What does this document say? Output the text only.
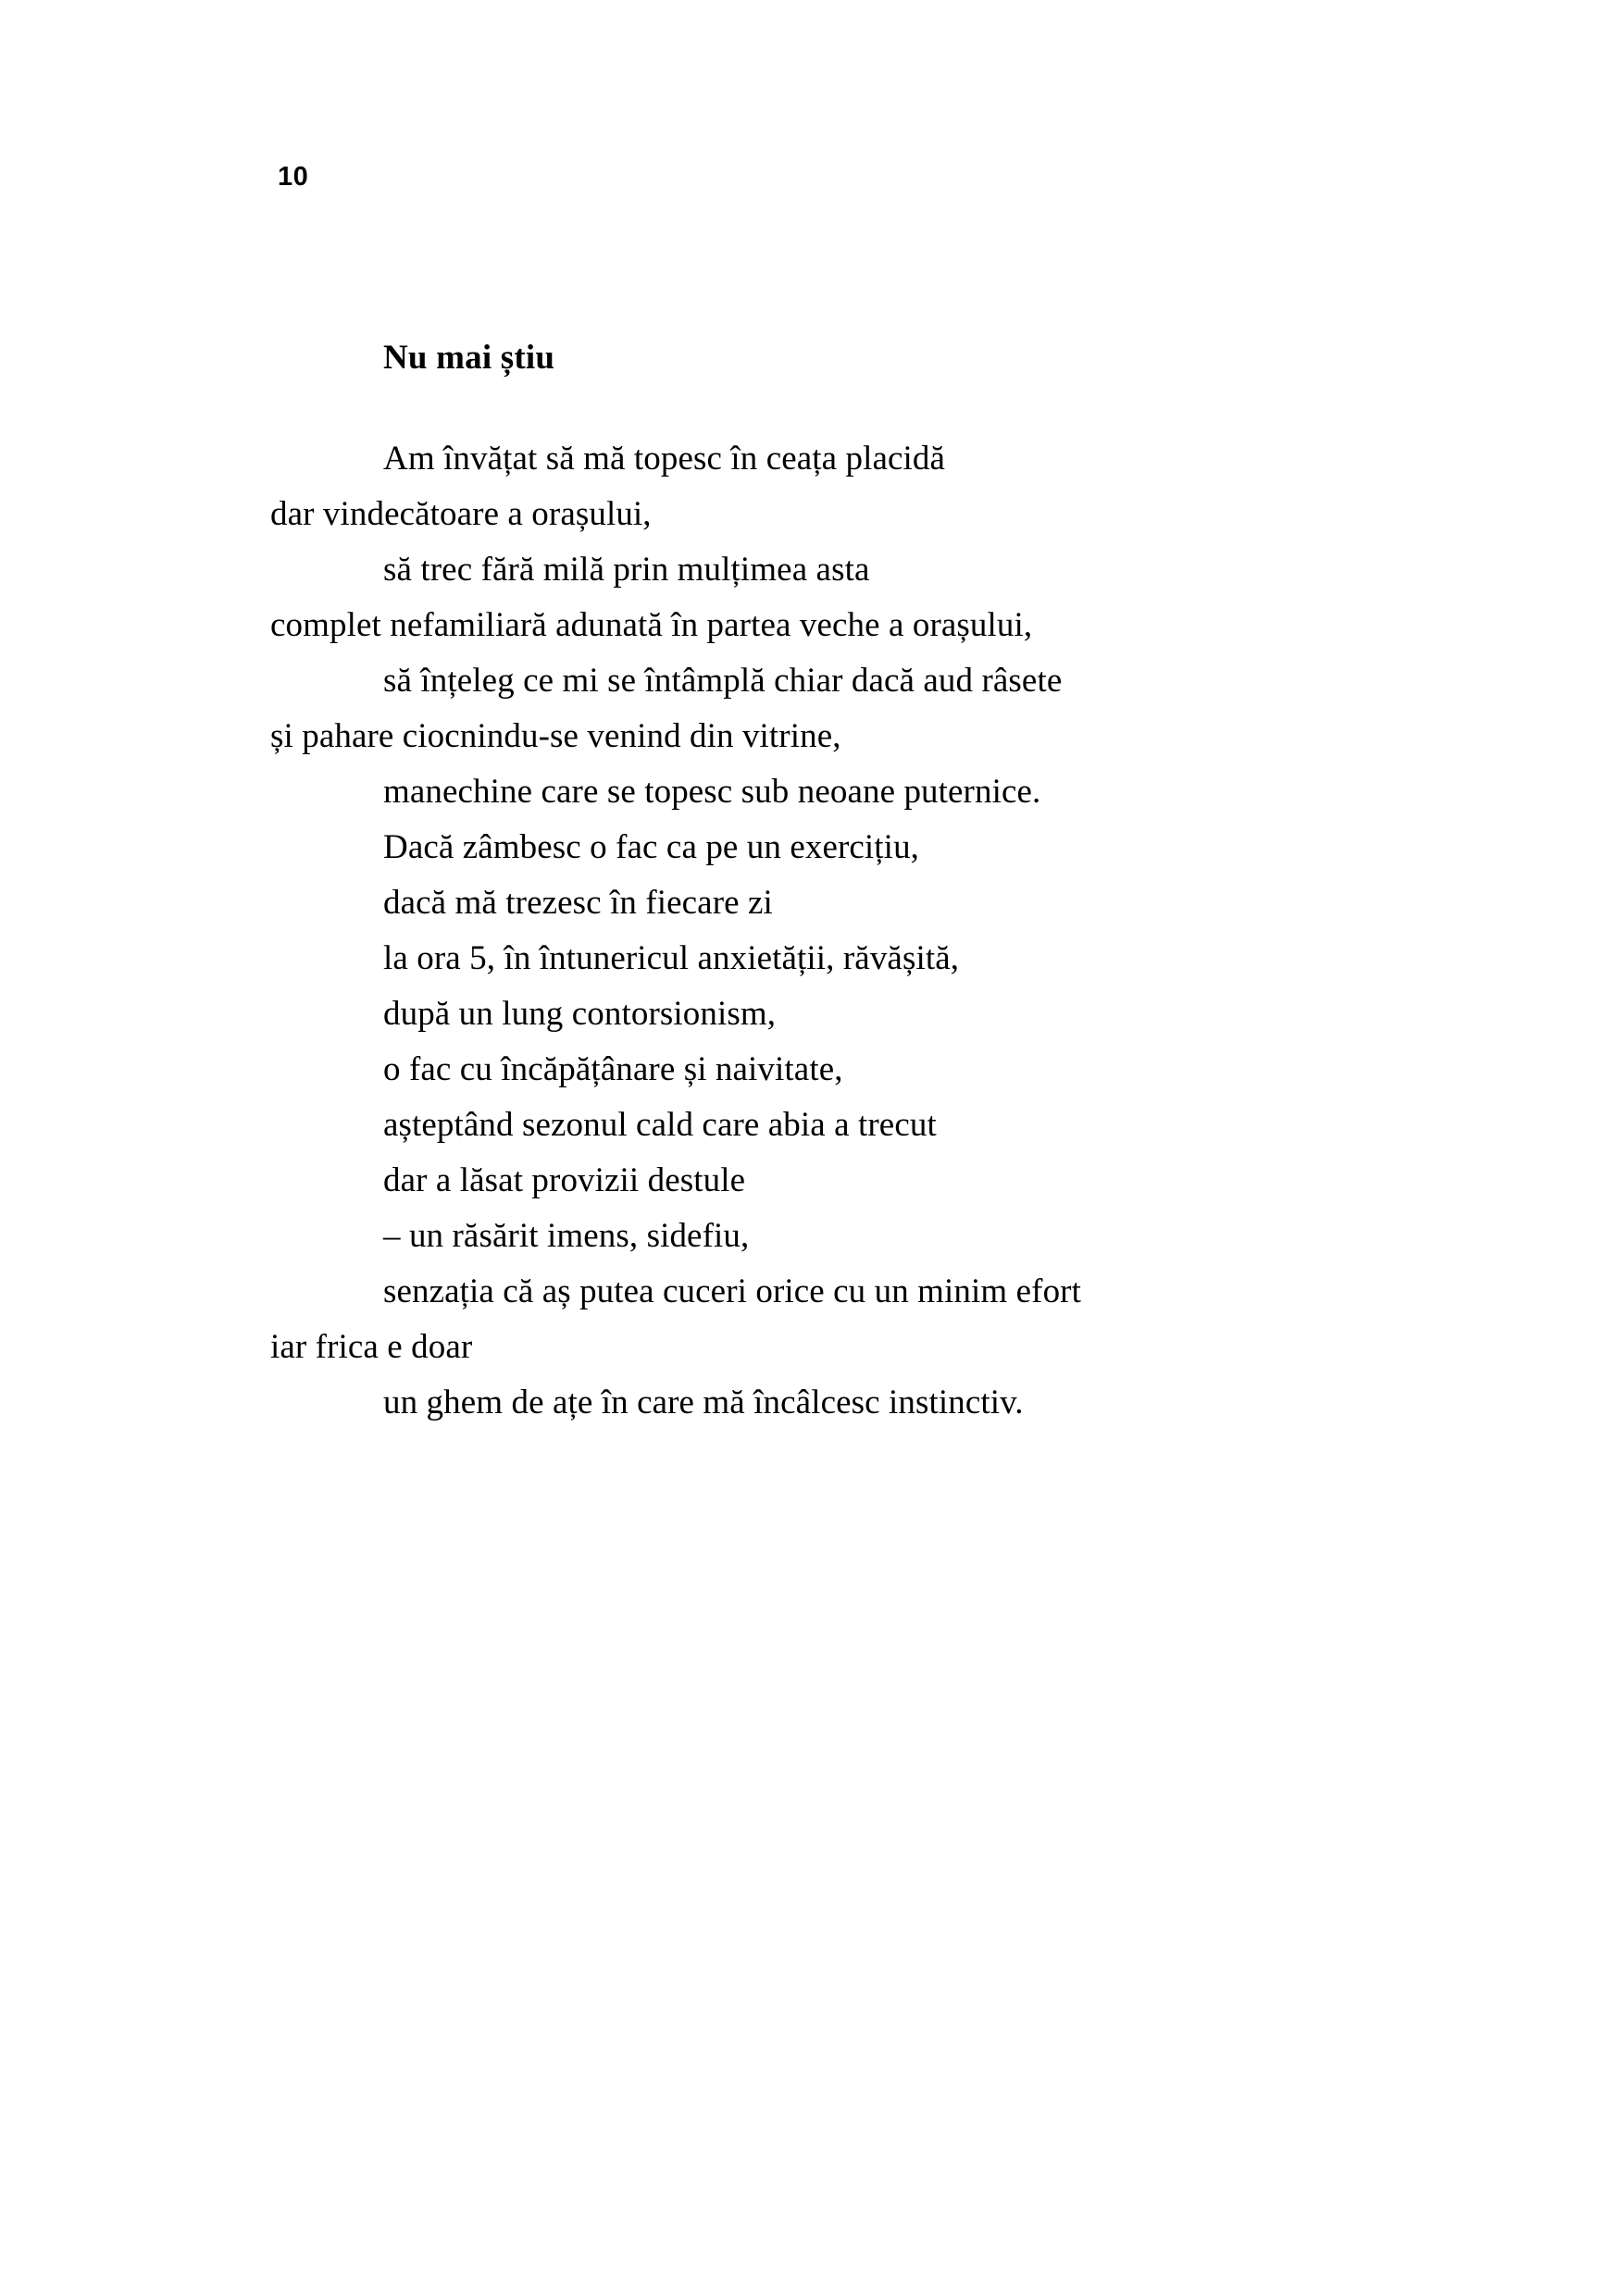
10
Nu mai știu
Am învățat să mă topesc în ceața placidă
dar vindecătoare a orașului,
să trec fără milă prin mulțimea asta
complet nefamiliară adunată în partea veche a orașului,
să înțeleg ce mi se întâmplă chiar dacă aud râsete
și pahare ciocnindu-se venind din vitrine,
manechine care se topesc sub neoane puternice.
Dacă zâmbesc o fac ca pe un exercițiu,
dacă mă trezesc în fiecare zi
la ora 5, în întunericul anxietății, răvășită,
după un lung contorsionism,
o fac cu încăpățânare și naivitate,
așteptând sezonul cald care abia a trecut
dar a lăsat provizii destule
– un răsărit imens, sidefiu,
senzația că aș putea cuceri orice cu un minim efort
iar frica e doar
un ghem de ațe în care mă încâlcesc instinctiv.
